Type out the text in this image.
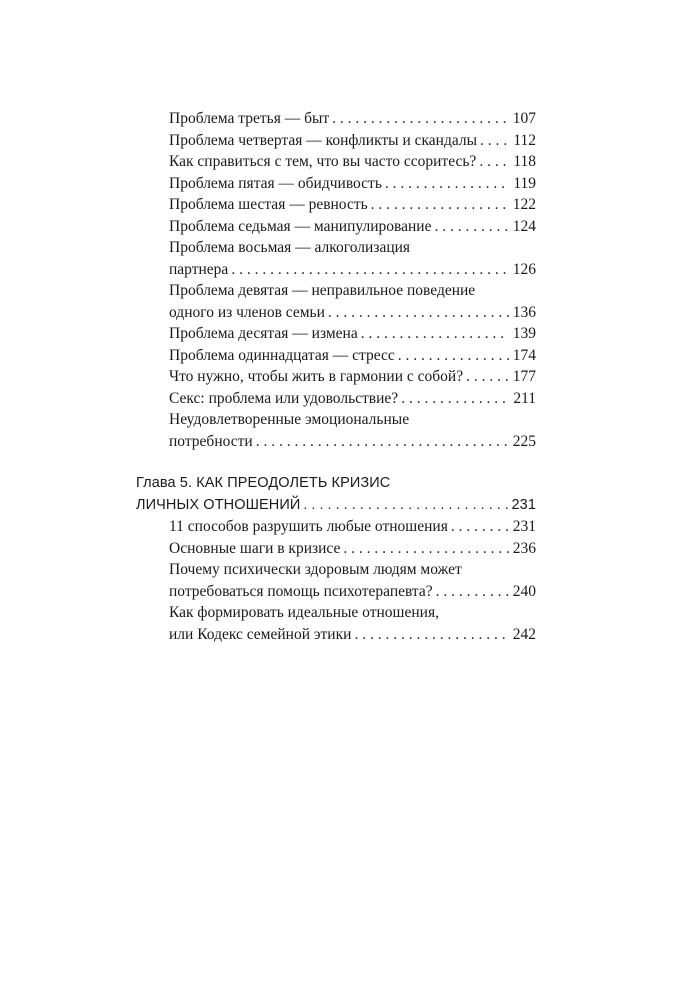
Проблема третья — быт . . .	107
Проблема четвертая — конфликты и скандалы . . . 112
Как справиться с тем, что вы часто ссоритесь? . . . 118
Проблема пятая — обидчивость . . .	119
Проблема шестая — ревность . . .	122
Проблема седьмая — манипулирование . . .	124
Проблема восьмая — алкоголизация
партнера . . .	126
Проблема девятая — неправильное поведение
одного из членов семьи . . .	136
Проблема десятая — измена . . .	139
Проблема одиннадцатая — стресс . . .	174
Что нужно, чтобы жить в гармонии с собой? . . .	177
Секс: проблема или удовольствие? . . .	211
Неудовлетворенные эмоциональные
потребности . . .	225
Глава 5. КАК ПРЕОДОЛЕТЬ КРИЗИС
ЛИЧНЫХ ОТНОШЕНИЙ . . .	231
11 способов разрушить любые отношения . . .	231
Основные шаги в кризисе . . .	236
Почему психически здоровым людям может
потребоваться помощь психотерапевта? . . .	240
Как формировать идеальные отношения,
или Кодекс семейной этики . . .	242
